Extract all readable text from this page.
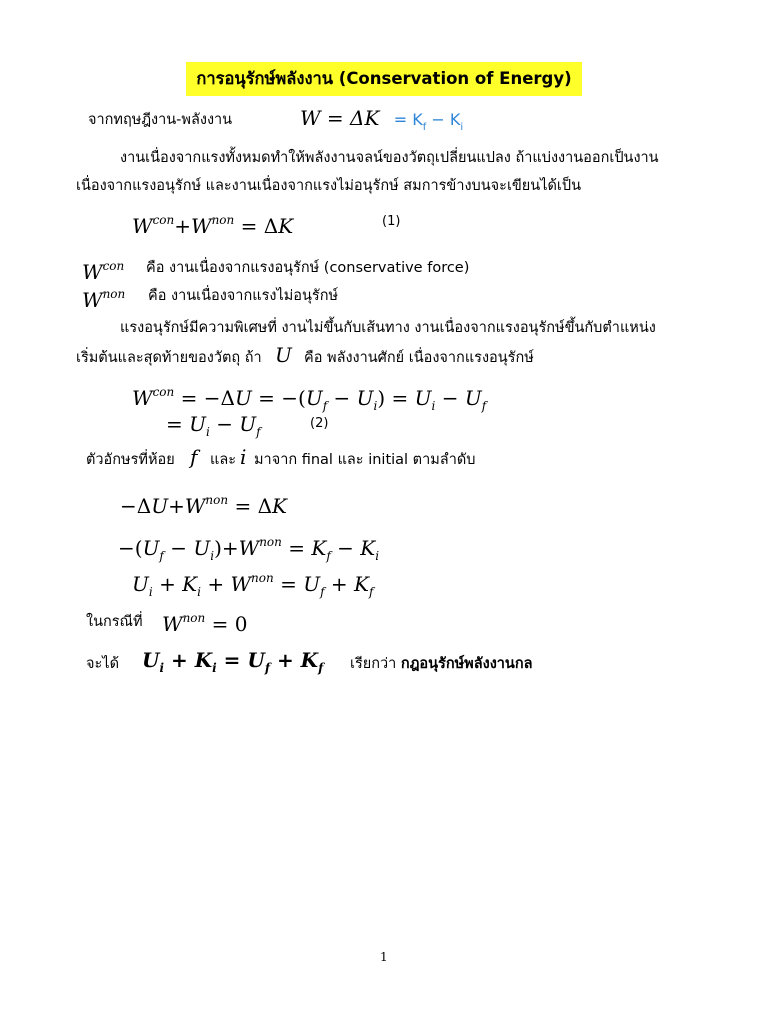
การอนุรักษ์พลังงาน (Conservation of Energy)
จากทฤษฎีงาน-พลังงาน	$W = \Delta K = K_f - K_i$
งานเนื่องจากแรงทั้งหมดทำให้พลังงานจลน์ของวัตถุเปลี่ยนแปลง ถ้าแบ่งงานออกเป็นงาน
เนื่องจากแรงอนุรักษ์ และงานเนื่องจากแรงไม่อนุรักษ์ สมการข้างบนจะเขียนได้เป็น
$W^{con}+W^{non} = \Delta K$	(1)
$W^{con}$ คือ งานเนื่องจากแรงอนุรักษ์ (conservative force)
$W^{non}$ คือ งานเนื่องจากแรงไม่อนุรักษ์
แรงอนุรักษ์มีความพิเศษที่ งานไม่ขึ้นกับเส้นทาง งานเนื่องจากแรงอนุรักษ์ขึ้นกับตำแหน่ง
เริ่มต้นและสุดท้ายของวัตถุ ถ้า U คือ พลังงานศักย์ เนื่องจากแรงอนุรักษ์
$W^{con} = -\Delta U = -(U_f - U_i) = U_i - U_f$
= $U_i - U_f$
(2)
ตัวอักษรที่ห้อย f และ i มาจาก final และ initial ตามลำดับ
$-\Delta U+W^{non} = \Delta K$
$-(U_f - U_i)+W^{non} = K_f - K_i$
$U_i + K_i + W^{non} = U_f + K_f$
ในกรณีที่ $W^{non} = 0$
จะได้ $U_i + K_i = U_f + K_f$ เรียกว่า กฎอนุรักษ์พลังงานกล
1
